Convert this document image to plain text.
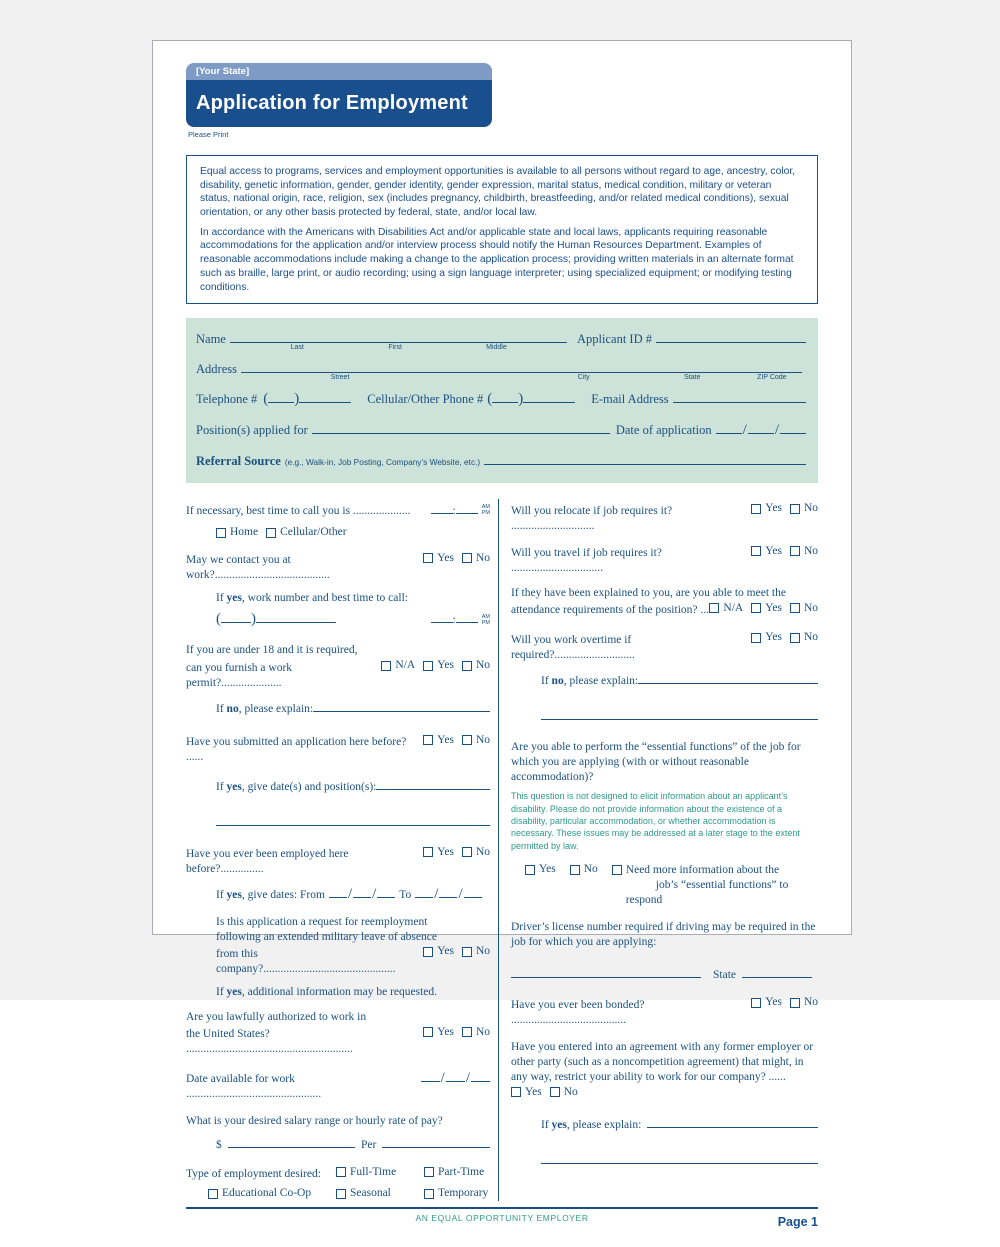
[Your State]
Application for Employment
Please Print

Equal access to programs, services and employment opportunities is available to all persons without regard to age, ancestry, color, disability, genetic information, gender, gender identity, gender expression, marital status, medical condition, military or veteran status, national origin, race, religion, sex (includes pregnancy, childbirth, breastfeeding, and/or related medical conditions), sexual orientation, or any other basis protected by federal, state, and/or local law.

In accordance with the Americans with Disabilities Act and/or applicable state and local laws, applicants requiring reasonable accommodations for the application and/or interview process should notify the Human Resources Department. Examples of reasonable accommodations include making a change to the application process; providing written materials in an alternate format such as braille, large print, or audio recording; using a sign language interpreter; using specialized equipment; or modifying testing conditions.

Name
Last	First	Middle
Applicant ID #
Address
Street	City	State	ZIP Code
Telephone # ( )	Cellular/Other Phone # ( )	E-mail Address
Position(s) applied for	Date of application / /
Referral Source (e.g., Walk-in, Job Posting, Company’s Website, etc.)
If necessary, best time to call you is ....................	:	AM
PM
Home Cellular/Other
May we contact you at work?........................................
Yes No
If yes, work number and best time to call:
( )	:	AM
PM
If you are under 18 and it is required,
can you furnish a work permit?.....................
N/A Yes No
If no, please explain:
Have you submitted an application here before? ......
Yes No
If yes, give date(s) and position(s):
Have you ever been employed here before?...............
Yes No
If yes, give dates: From / / To / /
Is this application a request for reemployment
following an extended military leave of absence
from this company?..............................................
Yes No
If yes, additional information may be requested.
Are you lawfully authorized to work in
the United States? ..........................................................
Yes No
Date available for work ...............................................
/ /
What is your desired salary range or hourly rate of pay?
$	Per
Type of employment desired:	Full-Time	Part-Time
Educational Co-Op	Seasonal	Temporary
Will you relocate if job requires it? .............................
Yes No
Will you travel if job requires it? ................................
Yes No
If they have been explained to you, are you able to meet the
attendance requirements of the position? ... N/A Yes No
Will you work overtime if required?............................
Yes No
If no, please explain:
Are you able to perform the “essential functions” of the job for which you are applying (with or without reasonable accommodation)?
This question is not designed to elicit information about an applicant’s disability. Please do not provide information about the existence of a disability, particular accommodation, or whether accommodation is necessary. These issues may be addressed at a later stage to the extent permitted by law.
Yes No Need more information about the
job’s “essential functions” to respond
Driver’s license number required if driving may be required in the job for which you are applying:
State
Have you ever been bonded? ........................................
Yes No
Have you entered into an agreement with any former employer or other party (such as a noncompetition agreement) that might, in any way, restrict your ability to work for our company? ......
Yes No
If yes, please explain:
AN EQUAL OPPORTUNITY EMPLOYER	Page 1
